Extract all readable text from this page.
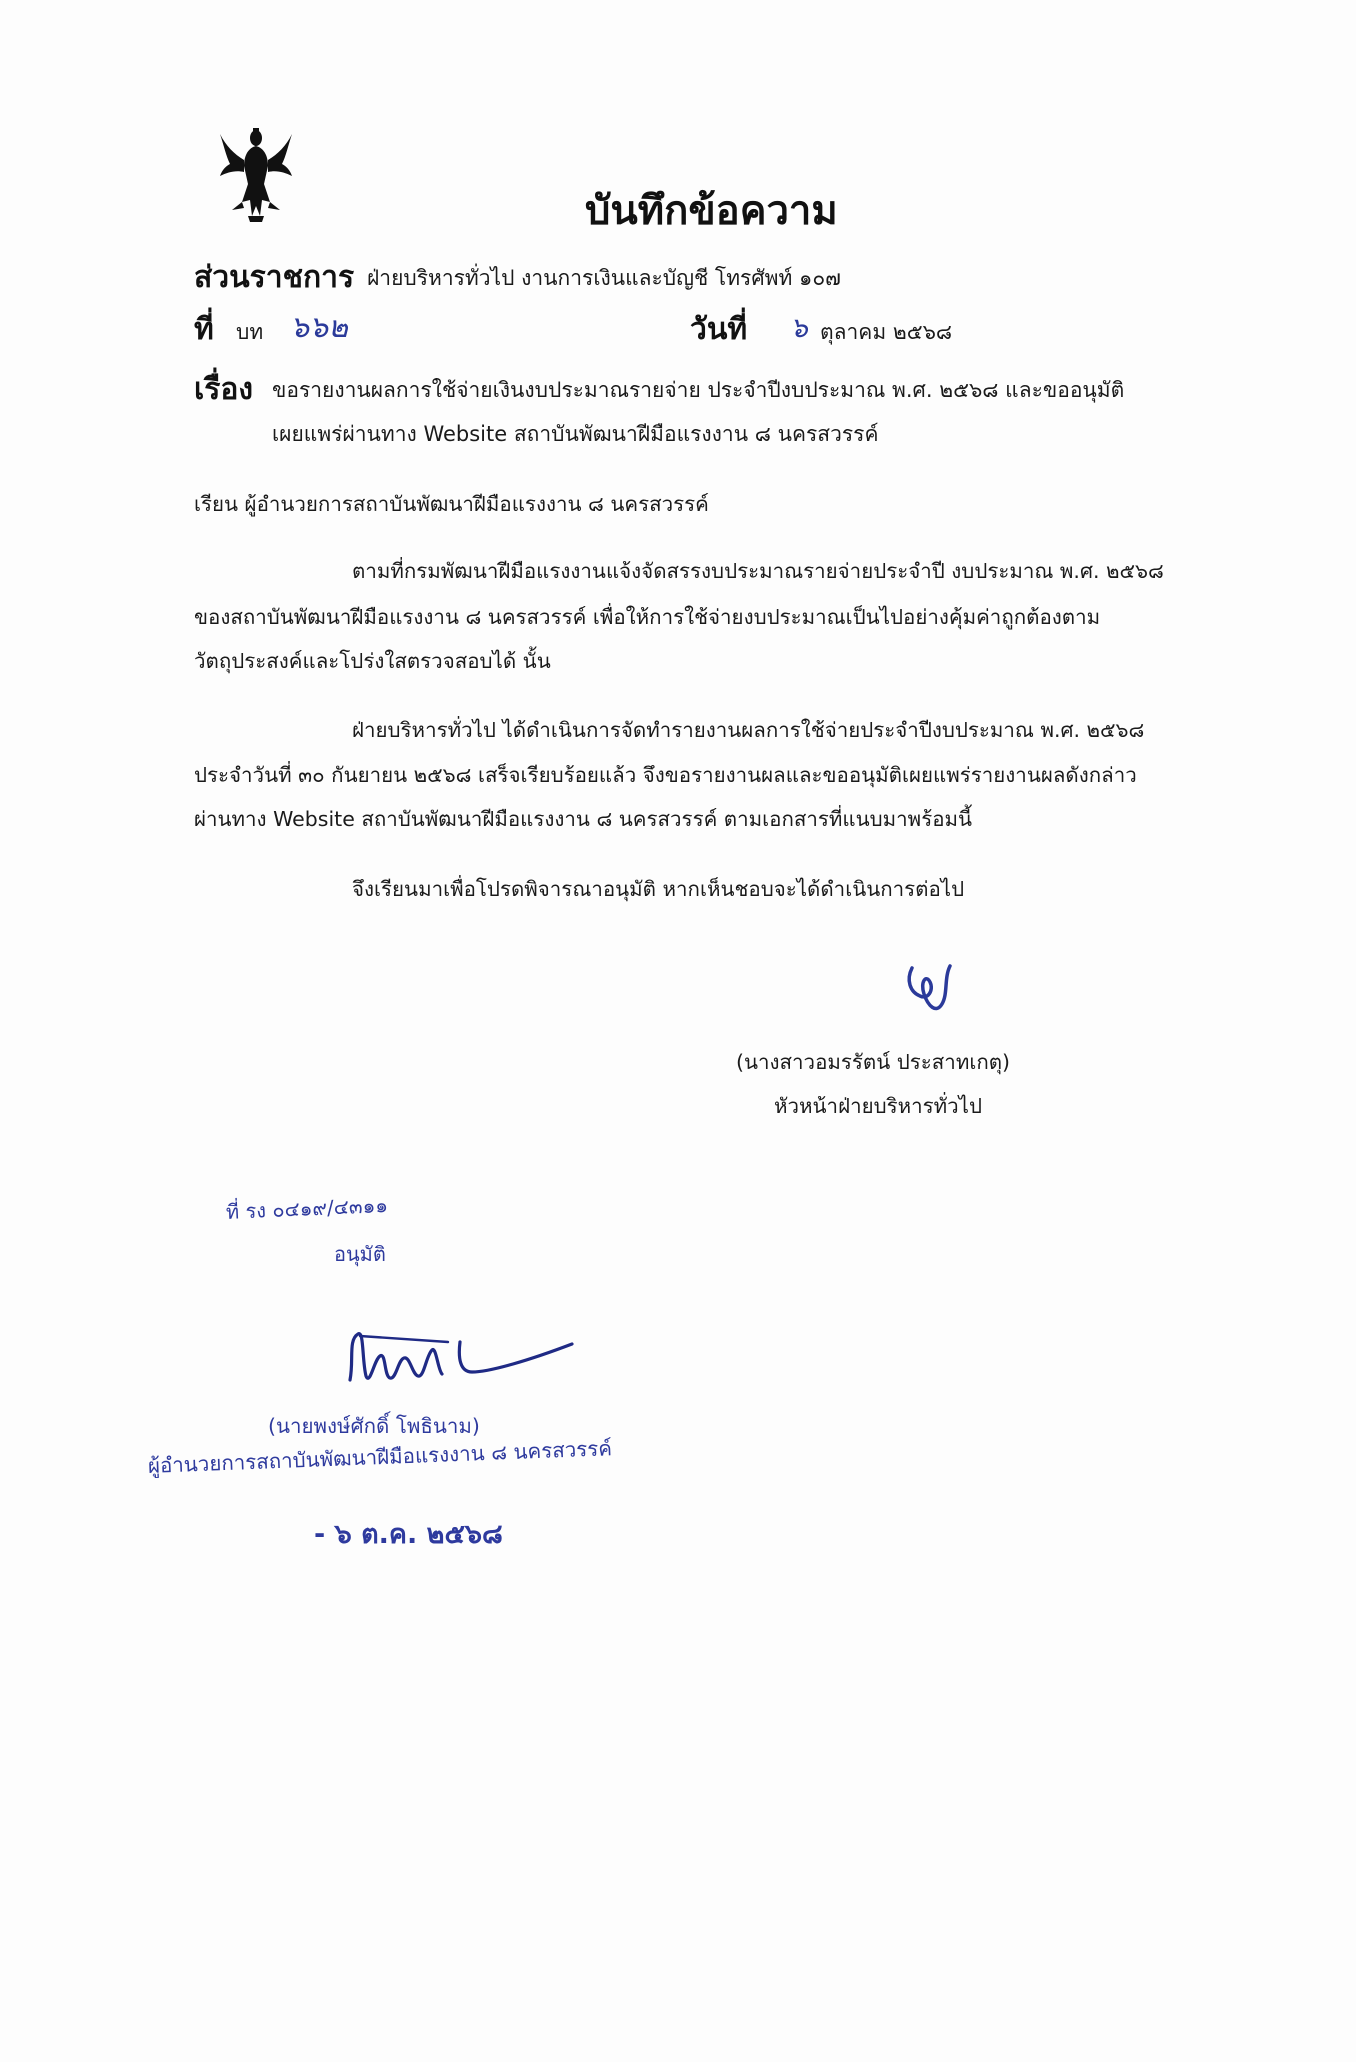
บันทึกข้อความ
ส่วนราชการ ฝ่ายบริหารทั่วไป งานการเงินและบัญชี โทรศัพท์ ๑๐๗
ที่ บท ๖๖๒	วันที่ ๖ ตุลาคม ๒๕๖๘
เรื่อง ขอรายงานผลการใช้จ่ายเงินงบประมาณรายจ่าย ประจำปีงบประมาณ พ.ศ. ๒๕๖๘ และขออนุมัติ
เผยแพร่ผ่านทาง Website สถาบันพัฒนาฝีมือแรงงาน ๘ นครสวรรค์
เรียน ผู้อำนวยการสถาบันพัฒนาฝีมือแรงงาน ๘ นครสวรรค์
ตามที่กรมพัฒนาฝีมือแรงงานแจ้งจัดสรรงบประมาณรายจ่ายประจำปี งบประมาณ พ.ศ. ๒๕๖๘
ของสถาบันพัฒนาฝีมือแรงงาน ๘ นครสวรรค์ เพื่อให้การใช้จ่ายงบประมาณเป็นไปอย่างคุ้มค่าถูกต้องตาม
วัตถุประสงค์และโปร่งใสตรวจสอบได้ นั้น
ฝ่ายบริหารทั่วไป ได้ดำเนินการจัดทำรายงานผลการใช้จ่ายประจำปีงบประมาณ พ.ศ. ๒๕๖๘
ประจำวันที่ ๓๐ กันยายน ๒๕๖๘ เสร็จเรียบร้อยแล้ว จึงขอรายงานผลและขออนุมัติเผยแพร่รายงานผลดังกล่าว
ผ่านทาง Website สถาบันพัฒนาฝีมือแรงงาน ๘ นครสวรรค์ ตามเอกสารที่แนบมาพร้อมนี้
จึงเรียนมาเพื่อโปรดพิจารณาอนุมัติ หากเห็นชอบจะได้ดำเนินการต่อไป
(นางสาวอมรรัตน์ ประสาทเกตุ)
หัวหน้าฝ่ายบริหารทั่วไป
ที่ รง ๐๔๑๙/๔๓๑๑
อนุมัติ
(นายพงษ์ศักดิ์ โพธินาม)
ผู้อำนวยการสถาบันพัฒนาฝีมือแรงงาน ๘ นครสวรรค์
- ๖ ต.ค. ๒๕๖๘
